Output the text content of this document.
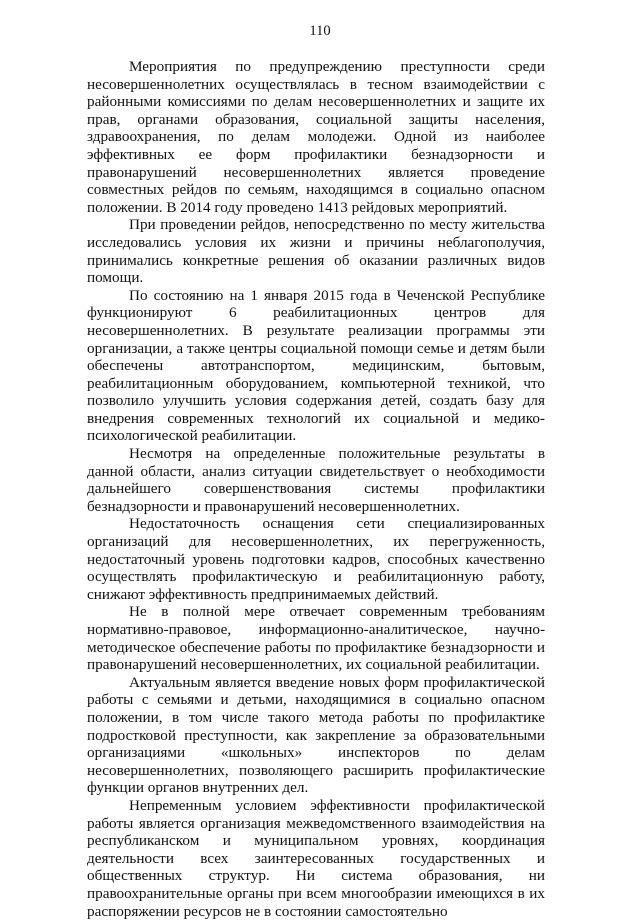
110

Мероприятия по предупреждению преступности среди несовершеннолетних осуществлялась в тесном взаимодействии с районными комиссиями по делам несовершеннолетних и защите их прав, органами образования, социальной защиты населения, здравоохранения, по делам молодежи. Одной из наиболее эффективных ее форм профилактики безнадзорности и правонарушений несовершеннолетних является проведение совместных рейдов по семьям, находящимся в социально опасном положении. В 2014 году проведено 1413 рейдовых мероприятий.

При проведении рейдов, непосредственно по месту жительства исследовались условия их жизни и причины неблагополучия, принимались конкретные решения об оказании различных видов помощи.

По состоянию на 1 января 2015 года в Чеченской Республике функционируют 6 реабилитационных центров для несовершеннолетних. В результате реализации программы эти организации, а также центры социальной помощи семье и детям были обеспечены автотранспортом, медицинским, бытовым, реабилитационным оборудованием, компьютерной техникой, что позволило улучшить условия содержания детей, создать базу для внедрения современных технологий их социальной и медико-психологической реабилитации.

Несмотря на определенные положительные результаты в данной области, анализ ситуации свидетельствует о необходимости дальнейшего совершенствования системы профилактики безнадзорности и правонарушений несовершеннолетних.

Недостаточность оснащения сети специализированных организаций для несовершеннолетних, их перегруженность, недостаточный уровень подготовки кадров, способных качественно осуществлять профилактическую и реабилитационную работу, снижают эффективность предпринимаемых действий.

Не в полной мере отвечает современным требованиям нормативно-правовое, информационно-аналитическое, научно-методическое обеспечение работы по профилактике безнадзорности и правонарушений несовершеннолетних, их социальной реабилитации.

Актуальным является введение новых форм профилактической работы с семьями и детьми, находящимися в социально опасном положении, в том числе такого метода работы по профилактике подростковой преступности, как закрепление за образовательными организациями «школьных» инспекторов по делам несовершеннолетних, позволяющего расширить профилактические функции органов внутренних дел.

Непременным условием эффективности профилактической работы является организация межведомственного взаимодействия на республиканском и муниципальном уровнях, координация деятельности всех заинтересованных государственных и общественных структур. Ни система образования, ни правоохранительные органы при всем многообразии имеющихся в их распоряжении ресурсов не в состоянии самостоятельно
